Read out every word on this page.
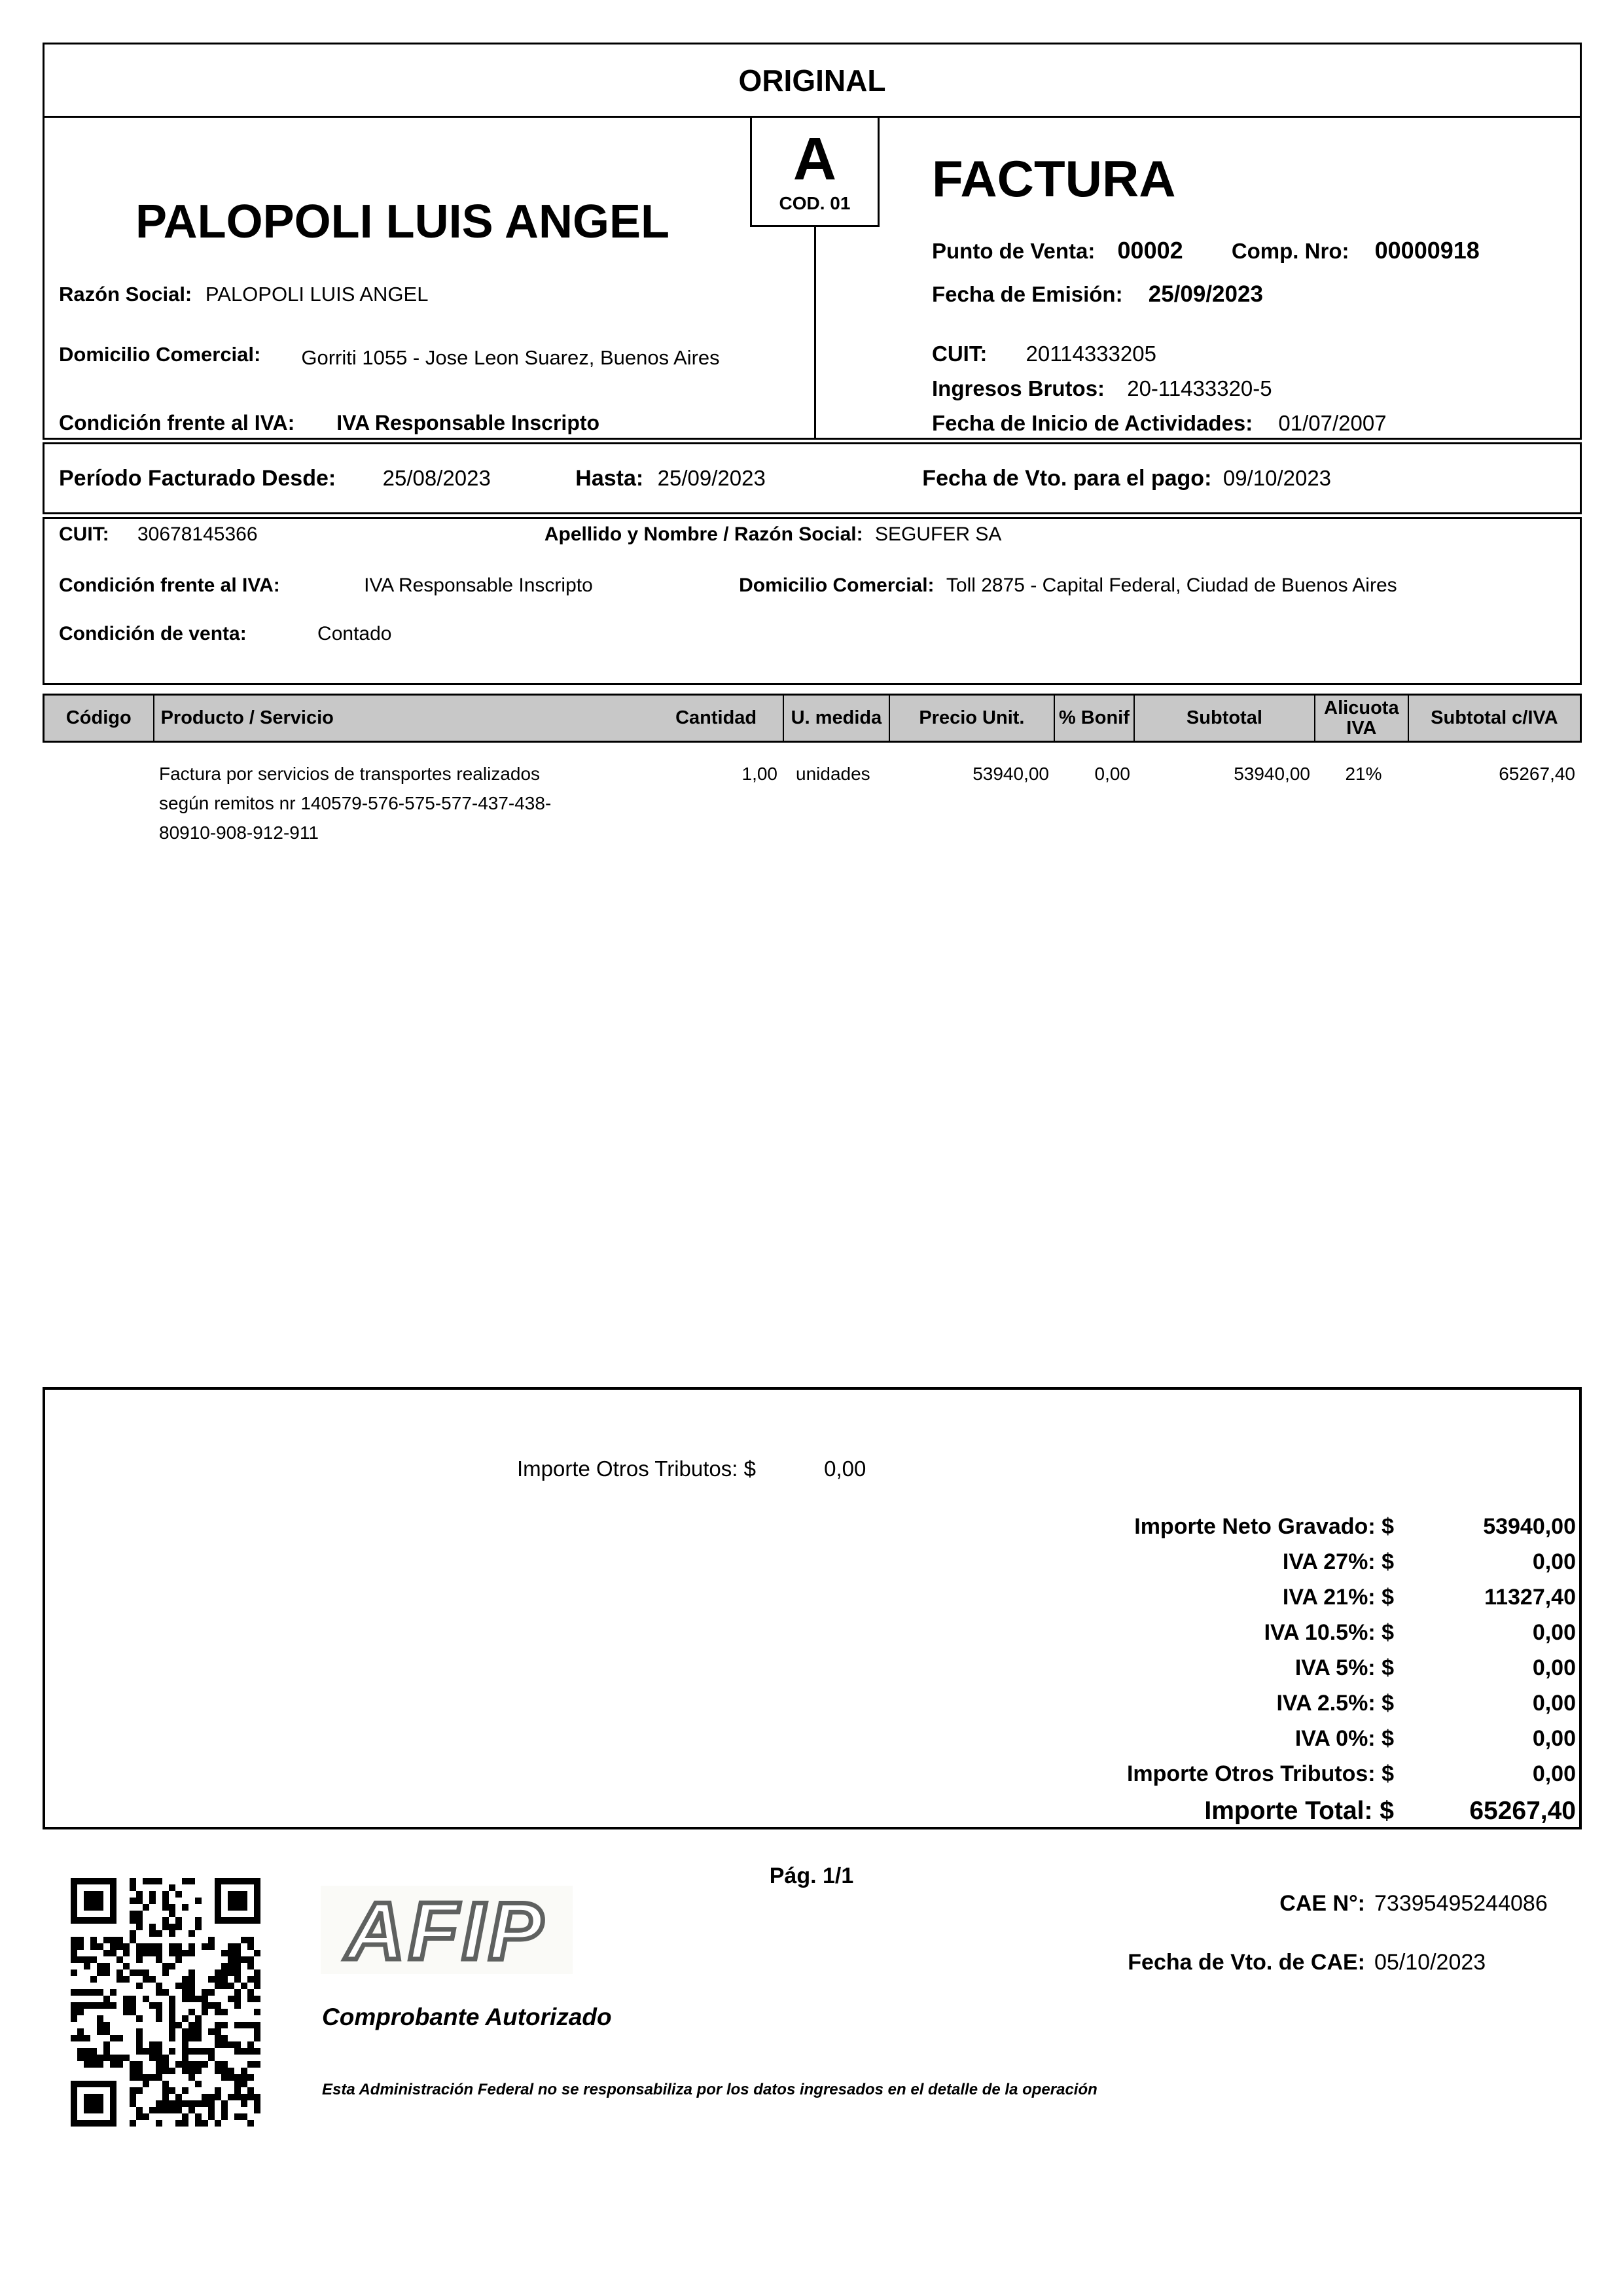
ORIGINAL
A
COD. 01
PALOPOLI LUIS ANGEL
Razón Social: PALOPOLI LUIS ANGEL
Domicilio Comercial: Gorriti 1055 - Jose Leon Suarez, Buenos Aires
Condición frente al IVA: IVA Responsable Inscripto
FACTURA
Punto de Venta: 00002 Comp. Nro: 00000918
Fecha de Emisión: 25/09/2023
CUIT: 20114333205
Ingresos Brutos: 20-11433320-5
Fecha de Inicio de Actividades: 01/07/2007
Período Facturado Desde: 25/08/2023	Hasta: 25/09/2023	Fecha de Vto. para el pago: 09/10/2023
CUIT: 30678145366	Apellido y Nombre / Razón Social: SEGUFER SA
Condición frente al IVA:	IVA Responsable Inscripto	Domicilio Comercial: Toll 2875 - Capital Federal, Ciudad de Buenos Aires
Condición de venta:	Contado
Código	Producto / Servicio	Cantidad	U. medida	Precio Unit.	% Bonif	Subtotal	Alicuota IVA	Subtotal c/IVA
Factura por servicios de transportes realizados según remitos nr 140579-576-575-577-437-438-80910-908-912-911
1,00	unidades	53940,00	0,00	53940,00	21%	65267,40
Importe Otros Tributos: $	0,00
Importe Neto Gravado: $	53940,00
IVA 27%: $	0,00
IVA 21%: $	11327,40
IVA 10.5%: $	0,00
IVA 5%: $	0,00
IVA 2.5%: $	0,00
IVA 0%: $	0,00
Importe Otros Tributos: $	0,00
Importe Total: $	65267,40
AFIP
Comprobante Autorizado
Esta Administración Federal no se responsabiliza por los datos ingresados en el detalle de la operación
Pág. 1/1
CAE N°: 73395495244086
Fecha de Vto. de CAE: 05/10/2023
